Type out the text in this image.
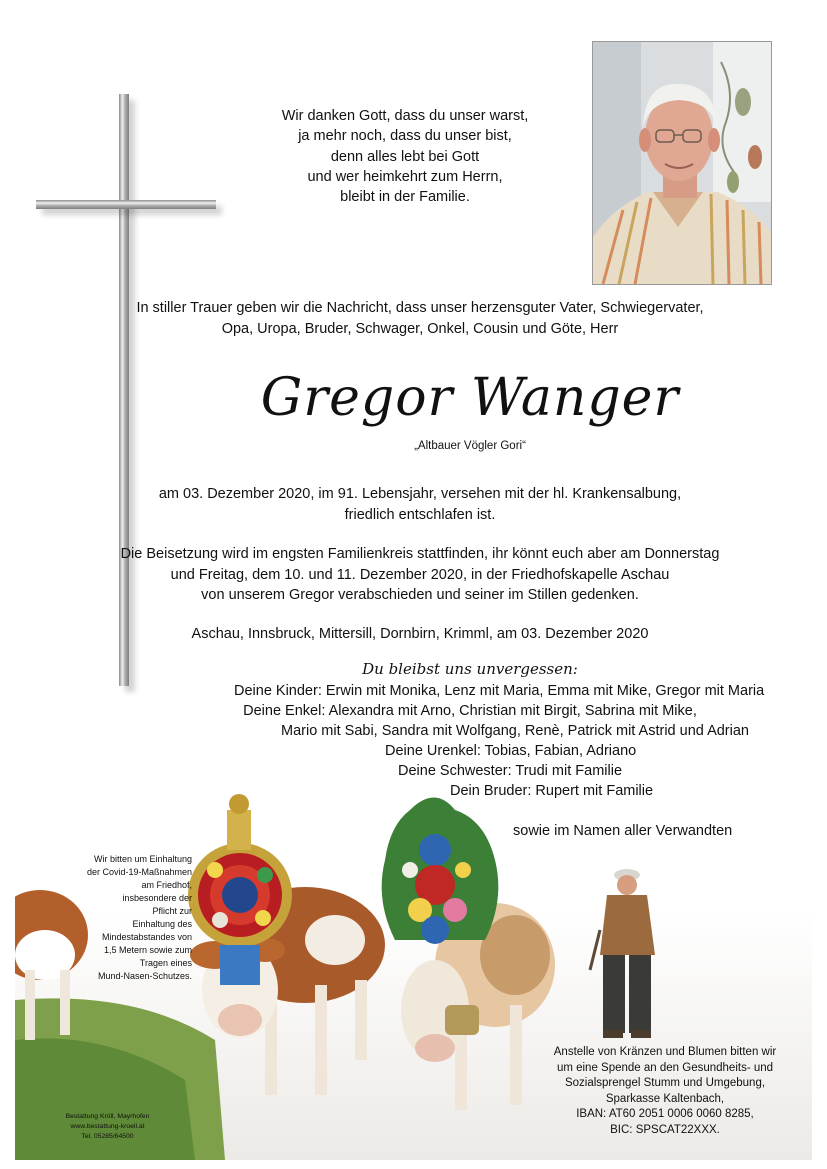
Wir danken Gott, dass du unser warst,
ja mehr noch, dass du unser bist,
denn alles lebt bei Gott
und wer heimkehrt zum Herrn,
bleibt in der Familie.
In stiller Trauer geben wir die Nachricht, dass unser herzensguter Vater, Schwiegervater,
Opa, Uropa, Bruder, Schwager, Onkel, Cousin und Göte, Herr
Gregor Wanger
„Altbauer Vögler Gori“
am 03. Dezember 2020, im 91. Lebensjahr, versehen mit der hl. Krankensalbung,
friedlich entschlafen ist.
Die Beisetzung wird im engsten Familienkreis stattfinden, ihr könnt euch aber am Donnerstag
und Freitag, dem 10. und 11. Dezember 2020, in der Friedhofskapelle Aschau
von unserem Gregor verabschieden und seiner im Stillen gedenken.
Aschau, Innsbruck, Mittersill, Dornbirn, Krimml, am 03. Dezember 2020
Du bleibst uns unvergessen:
Deine Kinder: Erwin mit Monika, Lenz mit Maria, Emma mit Mike, Gregor mit Maria
Deine Enkel: Alexandra mit Arno, Christian mit Birgit, Sabrina mit Mike,
Mario mit Sabi, Sandra mit Wolfgang, Renè, Patrick mit Astrid und Adrian
Deine Urenkel: Tobias, Fabian, Adriano
Deine Schwester: Trudi mit Familie
Dein Bruder: Rupert mit Familie
sowie im Namen aller Verwandten
Wir bitten um Einhaltung
der Covid-19-Maßnahmen
am Friedhof,
insbesondere der
Pflicht zur
Einhaltung des
Mindestabstandes von
1,5 Metern sowie zum
Tragen eines
Mund-Nasen-Schutzes.
Bestattung Kröll, Mayrhofen
www.bestattung-kroell.at
Tel. 05285/64500
Anstelle von Kränzen und Blumen bitten wir
um eine Spende an den Gesundheits- und
Sozialsprengel Stumm und Umgebung,
Sparkasse Kaltenbach,
IBAN: AT60 2051 0006 0060 8285,
BIC: SPSCAT22XXX.
